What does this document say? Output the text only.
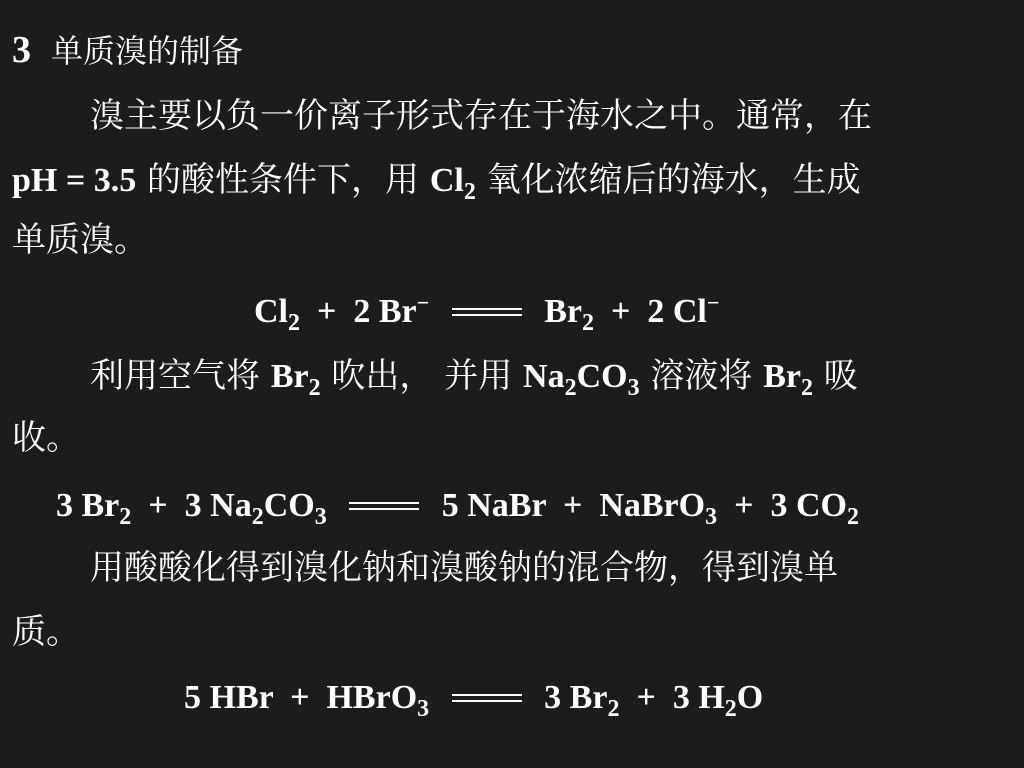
3 单质溴的制备
溴主要以负一价离子形式存在于海水之中。通常，在
pH = 3.5 的酸性条件下，用 $Cl_2$ 氧化浓缩后的海水，生成
单质溴。
$Cl_2 + 2$ Br−	$Br_2 + 2$ Cl−
利用空气将 $Br_2$ 吹出， 并用 $Na_2CO_3$ 溶液将 $Br_2$ 吸
收。
3 $Br_2 + 3$ $Na_2CO_3$	5 NaBr + NaBrO$_3$ + 3 $CO_2$
用酸酸化得到溴化钠和溴酸钠的混合物，得到溴单
质。
5 HBr + HBrO$_3$	3 $Br_2 + 3$ $H_2O$
